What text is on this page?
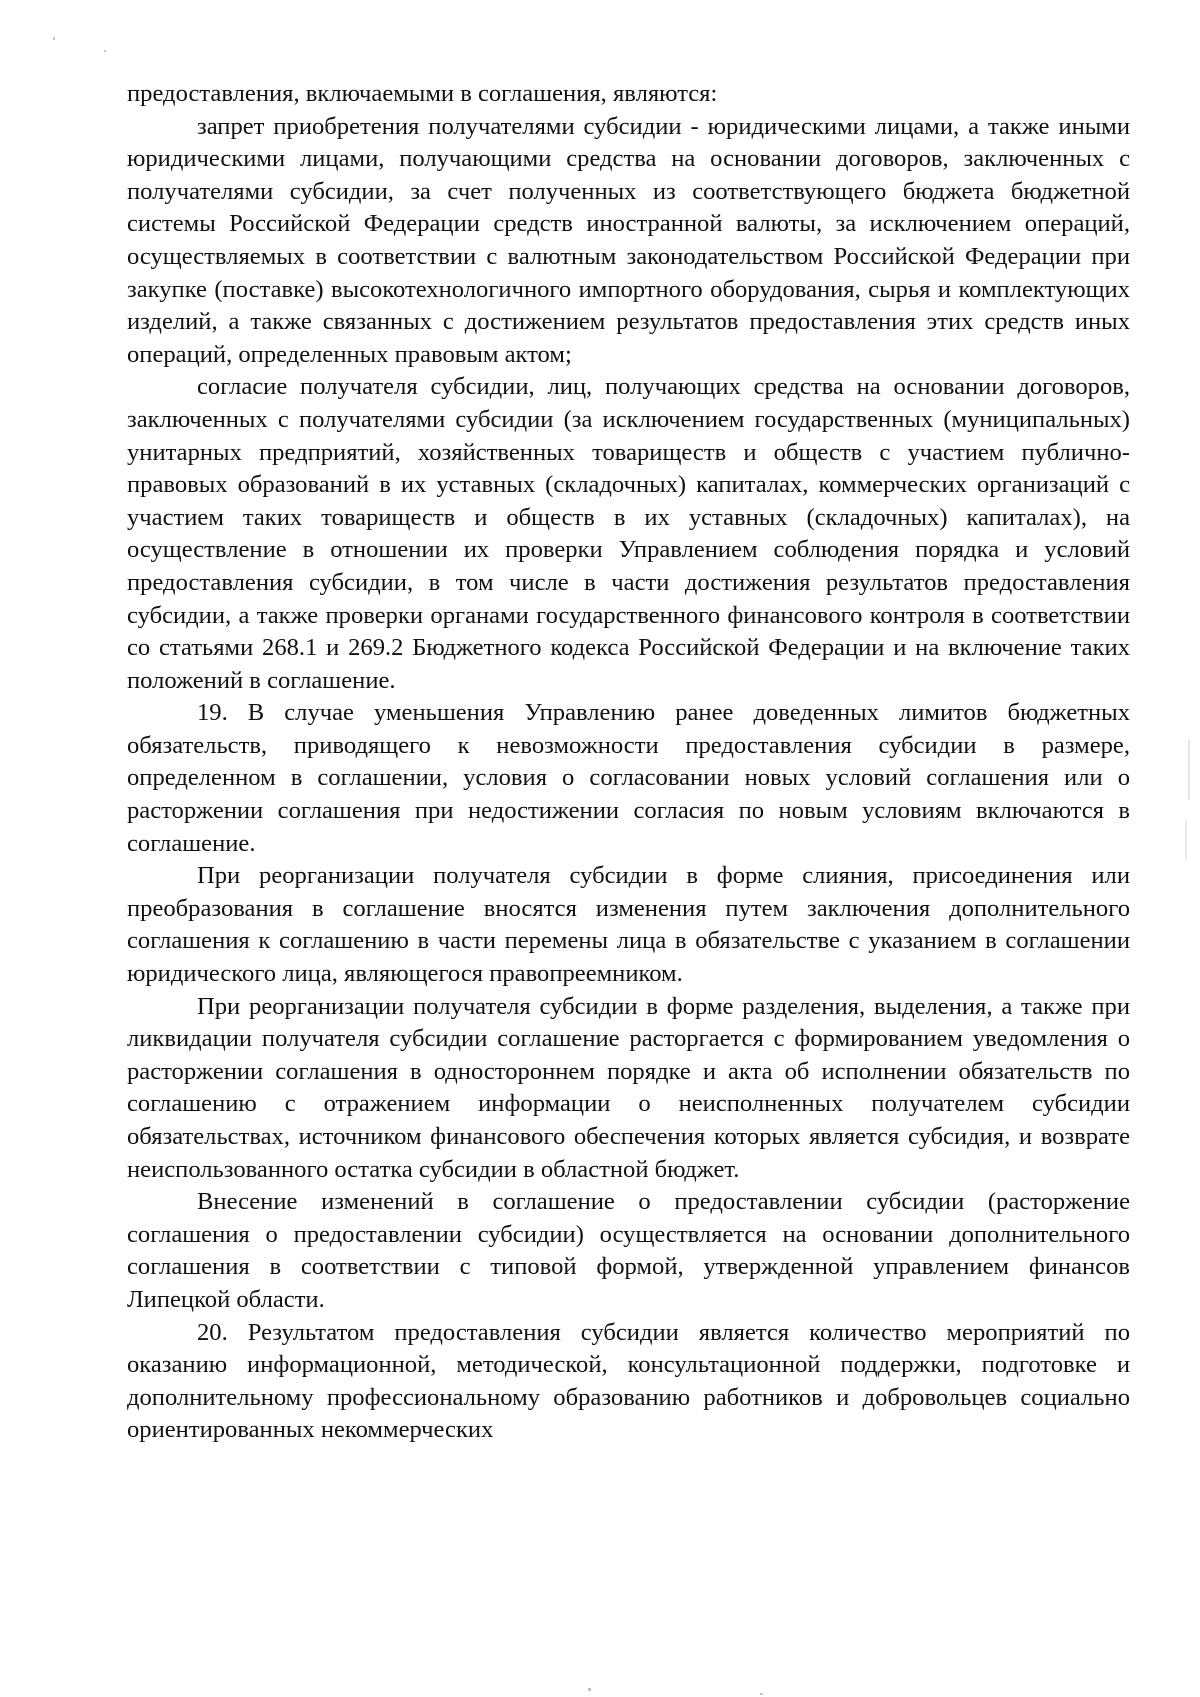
предоставления, включаемыми в соглашения, являются:

запрет приобретения получателями субсидии - юридическими лицами, а также иными юридическими лицами, получающими средства на основании договоров, заключенных с получателями субсидии, за счет полученных из соответствующего бюджета бюджетной системы Российской Федерации средств иностранной валюты, за исключением операций, осуществляемых в соответствии с валютным законодательством Российской Федерации при закупке (поставке) высокотехнологичного импортного оборудования, сырья и комплектующих изделий, а также связанных с достижением результатов предоставления этих средств иных операций, определенных правовым актом;

согласие получателя субсидии, лиц, получающих средства на основании договоров, заключенных с получателями субсидии (за исключением государственных (муниципальных) унитарных предприятий, хозяйственных товариществ и обществ с участием публично-правовых образований в их уставных (складочных) капиталах, коммерческих организаций с участием таких товариществ и обществ в их уставных (складочных) капиталах), на осуществление в отношении их проверки Управлением соблюдения порядка и условий предоставления субсидии, в том числе в части достижения результатов предоставления субсидии, а также проверки органами государственного финансового контроля в соответствии со статьями 268.1 и 269.2 Бюджетного кодекса Российской Федерации и на включение таких положений в соглашение.

19. В случае уменьшения Управлению ранее доведенных лимитов бюджетных обязательств, приводящего к невозможности предоставления субсидии в размере, определенном в соглашении, условия о согласовании новых условий соглашения или о расторжении соглашения при недостижении согласия по новым условиям включаются в соглашение.

При реорганизации получателя субсидии в форме слияния, присоединения или преобразования в соглашение вносятся изменения путем заключения дополнительного соглашения к соглашению в части перемены лица в обязательстве с указанием в соглашении юридического лица, являющегося правопреемником.

При реорганизации получателя субсидии в форме разделения, выделения, а также при ликвидации получателя субсидии соглашение расторгается с формированием уведомления о расторжении соглашения в одностороннем порядке и акта об исполнении обязательств по соглашению с отражением информации о неисполненных получателем субсидии обязательствах, источником финансового обеспечения которых является субсидия, и возврате неиспользованного остатка субсидии в областной бюджет.

Внесение изменений в соглашение о предоставлении субсидии (расторжение соглашения о предоставлении субсидии) осуществляется на основании дополнительного соглашения в соответствии с типовой формой, утвержденной управлением финансов Липецкой области.

20. Результатом предоставления субсидии является количество мероприятий по оказанию информационной, методической, консультационной поддержки, подготовке и дополнительному профессиональному образованию работников и добровольцев социально ориентированных некоммерческих
